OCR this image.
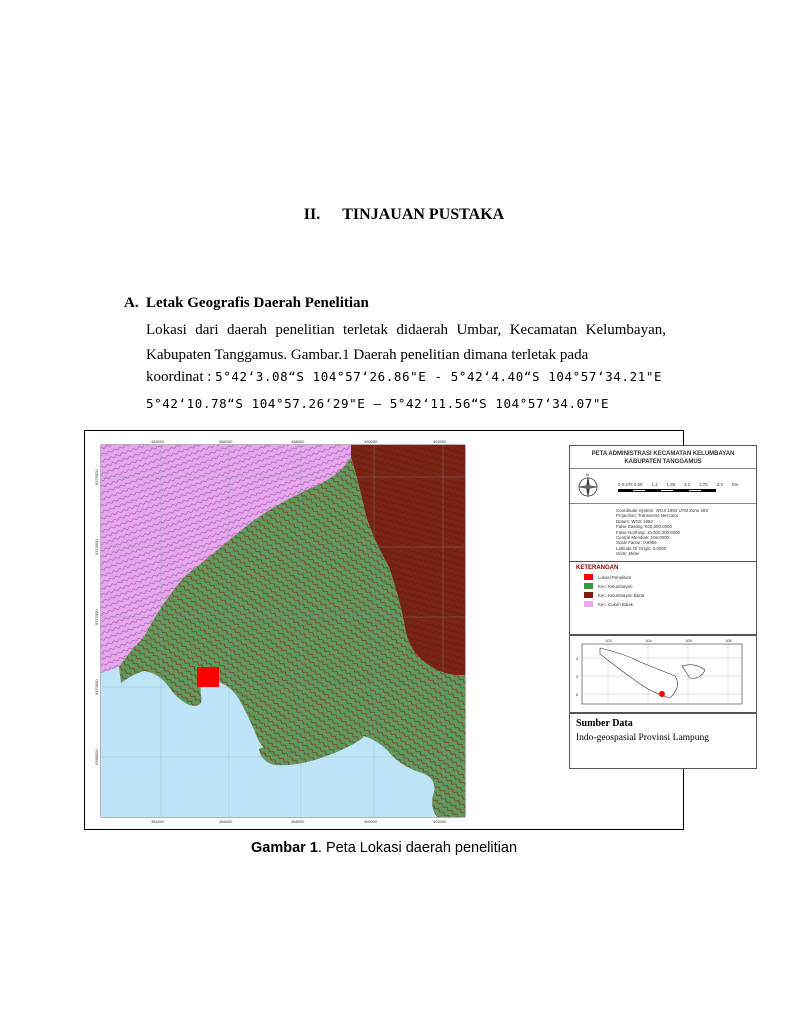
II. TINJAUAN PUSTAKA
A. Letak Geografis Daerah Penelitian

Lokasi dari daerah penelitian terletak didaerah Umbar, Kecamatan Kelumbayan, Kabupaten Tanggamus. Gambar.1 Daerah penelitian dimana terletak pada

koordinat : 5°42‘3.08“S 104°57‘26.86"E - 5°42‘4.40“S 104°57‘34.21"E
5°42‘10.78“S 104°57.26‘29"E – 5°42‘11.56“S 104°57‘34.07"E
484000	486000	488000	490000	492000
484000	486000	488000	490000	492000
9376000
9374000
9372000
9370000
9368000
PETA ADMINISTRASI KECAMATAN KELUMBAYAN
KABUPATEN TANGGAMUS
N
0 0.275 0.55 1.1 1.65 2.2 2.75 3.3 Km
Coordinate System: WGS 1984 UTM Zone 48S
Projection: Transverse Mercator
Datum: WGS 1984
False Easting: 500,000.0000
False Northing: 10,000,000.0000
Central Meridian: 105.0000
Scale Factor: 0.9996
Latitude Of Origin: 0.0000
Units: Meter
KETERANGAN
Lokasi Penelitian
Kec. Kelumbayan
Kec. Kelumbayan Barat
Kec. Cukuh Balak
103	104	105	106
4
5
6
Sumber Data
Indo-geospasial Provinsi Lampung
Gambar 1. Peta Lokasi daerah penelitian
